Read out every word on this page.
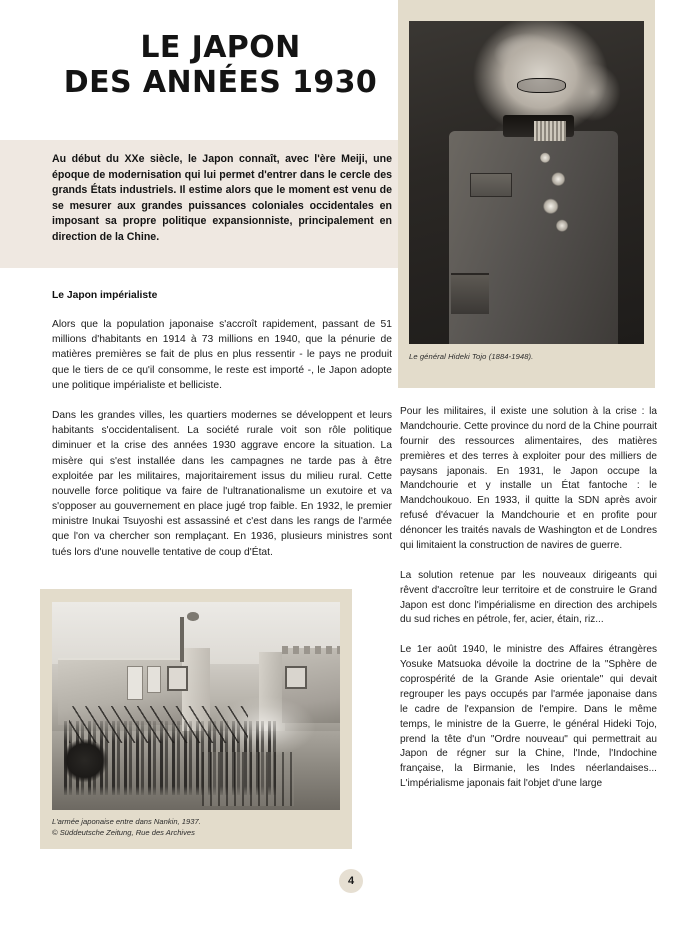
Le général Hideki Tojo (1884-1948).
LE JAPON
DES ANNÉES 1930
Au début du XXe siècle, le Japon connaît, avec l'ère Meiji, une époque de modernisation qui lui permet d'entrer dans le cercle des grands États industriels. Il estime alors que le moment est venu de se mesurer aux grandes puissances coloniales occidentales en imposant sa propre politique expansionniste, principalement en direction de la Chine.
Le Japon impérialiste

Alors que la population japonaise s'accroît rapidement, passant de 51 millions d'habitants en 1914 à 73 millions en 1940, que la pénurie de matières premières se fait de plus en plus ressentir - le pays ne produit que le tiers de ce qu'il consomme, le reste est importé -, le Japon adopte une politique impérialiste et belliciste.

Dans les grandes villes, les quartiers modernes se développent et leurs habitants s'occidentalisent. La société rurale voit son rôle politique diminuer et la crise des années 1930 aggrave encore la situation. La misère qui s'est installée dans les campagnes ne tarde pas à être exploitée par les militaires, majoritairement issus du milieu rural. Cette nouvelle force politique va faire de l'ultranationalisme un exutoire et va s'opposer au gouvernement en place jugé trop faible. En 1932, le premier ministre Inukai Tsuyoshi est assassiné et c'est dans les rangs de l'armée que l'on va chercher son remplaçant. En 1936, plusieurs ministres sont tués lors d'une nouvelle tentative de coup d'État.

L'armée japonaise entre dans Nankin, 1937.
© Süddeutsche Zeitung, Rue des Archives

Pour les militaires, il existe une solution à la crise : la Mandchourie. Cette province du nord de la Chine pourrait fournir des ressources alimentaires, des matières premières et des terres à exploiter pour des milliers de paysans japonais. En 1931, le Japon occupe la Mandchourie et y installe un État fantoche : le Mandchoukouo. En 1933, il quitte la SDN après avoir refusé d'évacuer la Mandchourie et en profite pour dénoncer les traités navals de Washington et de Londres qui limitaient la construction de navires de guerre.

La solution retenue par les nouveaux dirigeants qui rêvent d'accroître leur territoire et de construire le Grand Japon est donc l'impérialisme en direction des archipels du sud riches en pétrole, fer, acier, étain, riz...

Le 1er août 1940, le ministre des Affaires étrangères Yosuke Matsuoka dévoile la doctrine de la "Sphère de coprospérité de la Grande Asie orientale" qui devait regrouper les pays occupés par l'armée japonaise dans le cadre de l'expansion de l'empire. Dans le même temps, le ministre de la Guerre, le général Hideki Tojo, prend la tête d'un "Ordre nouveau" qui permettrait au Japon de régner sur la Chine, l'Inde, l'Indochine française, la Birmanie, les Indes néerlandaises... L'impérialisme japonais fait l'objet d'une large

4
